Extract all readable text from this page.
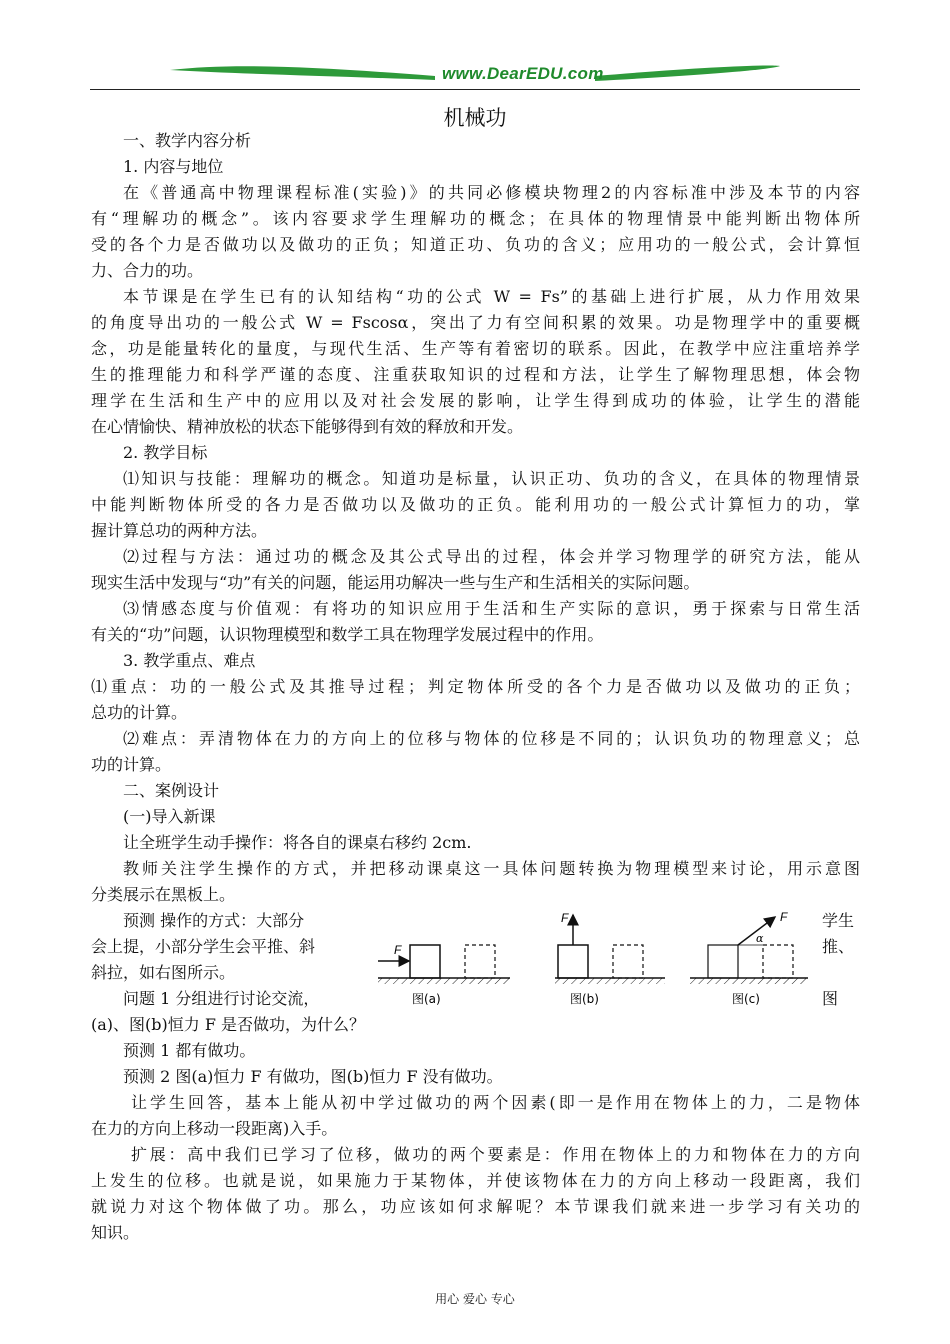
www.DearEDU.com
机械功
一、教学内容分析
1. 内容与地位
在《普通高中物理课程标准(实验)》的共同必修模块物理2的内容标准中涉及本节的内容
有“理解功的概念”。该内容要求学生理解功的概念；在具体的物理情景中能判断出物体所
受的各个力是否做功以及做功的正负；知道正功、负功的含义；应用功的一般公式，会计算恒
力、合力的功。
本节课是在学生已有的认知结构“功的公式 W = Fs”的基础上进行扩展，从力作用效果
的角度导出功的一般公式 W = Fscosα，突出了力有空间积累的效果。功是物理学中的重要概
念，功是能量转化的量度，与现代生活、生产等有着密切的联系。因此，在教学中应注重培养学
生的推理能力和科学严谨的态度、注重获取知识的过程和方法，让学生了解物理思想，体会物
理学在生活和生产中的应用以及对社会发展的影响，让学生得到成功的体验，让学生的潜能
在心情愉快、精神放松的状态下能够得到有效的释放和开发。
2. 教学目标
⑴知识与技能：理解功的概念。知道功是标量，认识正功、负功的含义，在具体的物理情景
中能判断物体所受的各力是否做功以及做功的正负。能利用功的一般公式计算恒力的功，掌
握计算总功的两种方法。
⑵过程与方法：通过功的概念及其公式导出的过程，体会并学习物理学的研究方法，能从
现实生活中发现与“功”有关的问题，能运用功解决一些与生产和生活相关的实际问题。
⑶情感态度与价值观：有将功的知识应用于生活和生产实际的意识，勇于探索与日常生活
有关的“功”问题，认识物理模型和数学工具在物理学发展过程中的作用。
3. 教学重点、难点
⑴重点：功的一般公式及其推导过程；判定物体所受的各个力是否做功以及做功的正负；
总功的计算。
⑵难点：弄清物体在力的方向上的位移与物体的位移是不同的；认识负功的物理意义；总
功的计算。
二、案例设计
(一)导入新课
让全班学生动手操作：将各自的课桌右移约 2cm.
教师关注学生操作的方式，并把移动课桌这一具体问题转换为物理模型来讨论，用示意图
分类展示在黑板上。
预测 操作的方式：大部分
会上提，小部分学生会平推、斜
斜拉，如右图所示。
问题 1 分组进行讨论交流，
学生
推、
图
F
图(a)
F
图(b)
F
α
图(c)
(a)、图(b)恒力 F 是否做功，为什么？
预测 1 都有做功。
预测 2 图(a)恒力 F 有做功，图(b)恒力 F 没有做功。
让学生回答，基本上能从初中学过做功的两个因素(即一是作用在物体上的力，二是物体
在力的方向上移动一段距离)入手。
扩展：高中我们已学习了位移，做功的两个要素是：作用在物体上的力和物体在力的方向
上发生的位移。也就是说，如果施力于某物体，并使该物体在力的方向上移动一段距离，我们
就说力对这个物体做了功。那么，功应该如何求解呢？本节课我们就来进一步学习有关功的
知识。
用心 爱心 专心
